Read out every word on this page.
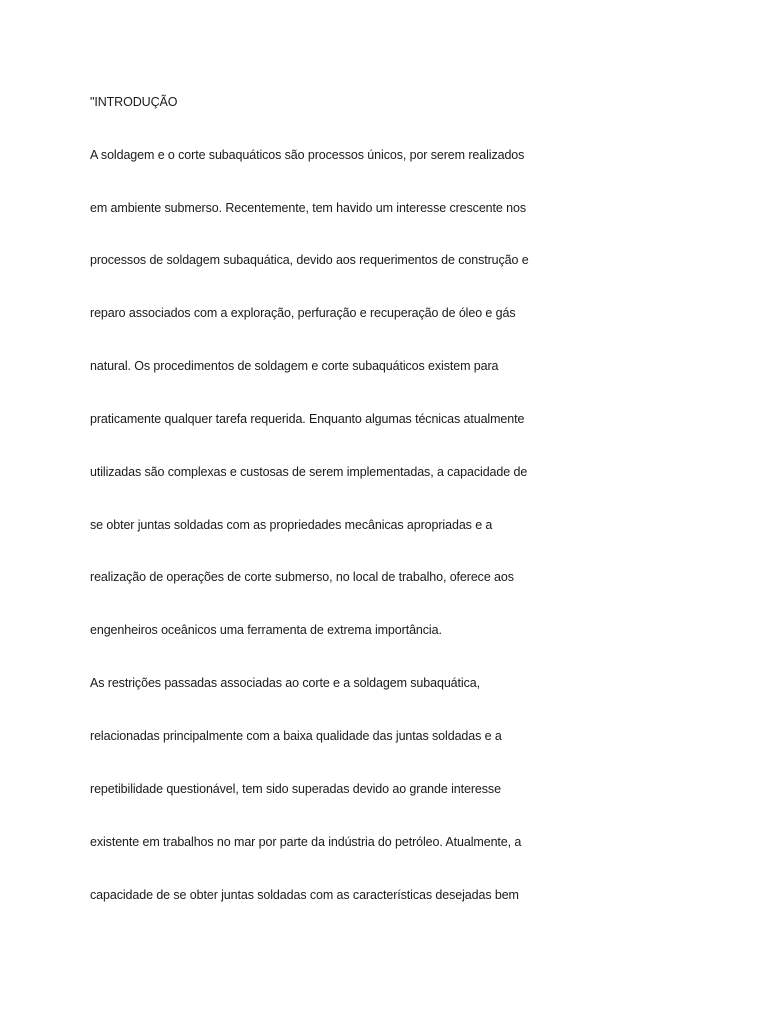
"INTRODUÇÃO
A soldagem e o corte subaquáticos são processos únicos, por serem realizados
em ambiente submerso. Recentemente, tem havido um interesse crescente nos
processos de soldagem subaquática, devido aos requerimentos de construção e
reparo associados com a exploração, perfuração e recuperação de óleo e gás
natural. Os procedimentos de soldagem e corte subaquáticos existem para
praticamente qualquer tarefa requerida. Enquanto algumas técnicas atualmente
utilizadas são complexas e custosas de serem implementadas, a capacidade de
se obter juntas soldadas com as propriedades mecânicas apropriadas e a
realização de operações de corte submerso, no local de trabalho, oferece aos
engenheiros oceânicos uma ferramenta de extrema importância.
As restrições passadas associadas ao corte e a soldagem subaquática,
relacionadas principalmente com a baixa qualidade das juntas soldadas e a
repetibilidade questionável, tem sido superadas devido ao grande interesse
existente em trabalhos no mar por parte da indústria do petróleo. Atualmente, a
capacidade de se obter juntas soldadas com as características desejadas bem
